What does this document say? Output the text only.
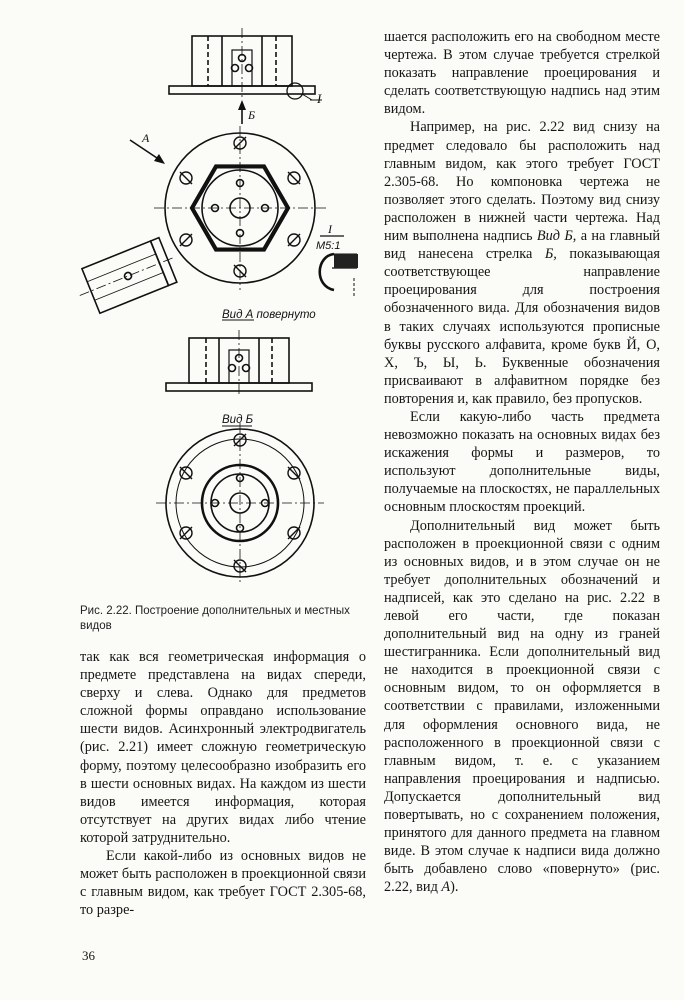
I
Б
A
I
M5:1
Вид А повернуто
Вид Б
Рис. 2.22. Построение дополнительных и местных видов

так как вся геометрическая информация о предмете представлена на видах спереди, сверху и слева. Однако для предметов сложной формы оправдано использование шести видов. Асинхронный электродвигатель (рис. 2.21) имеет сложную геометрическую форму, поэтому целесообразно изобразить его в шести основных видах. На каждом из шести видов имеется информация, которая отсутствует на других видах либо чтение которой затруднительно.

Если какой-либо из основных видов не может быть расположен в проекционной связи с главным видом, как требует ГОСТ 2.305-68, то разре-

шается расположить его на свободном месте чертежа. В этом случае требуется стрелкой показать направление проецирования и сделать соответствующую надпись над этим видом.

Например, на рис. 2.22 вид снизу на предмет следовало бы расположить над главным видом, как этого требует ГОСТ 2.305-68. Но компоновка чертежа не позволяет этого сделать. Поэтому вид снизу расположен в нижней части чертежа. Над ним выполнена надпись Вид Б, а на главный вид нанесена стрелка Б, показывающая соответствующее направление проецирования для построения обозначенного вида. Для обозначения видов в таких случаях используются прописные буквы русского алфавита, кроме букв Й, О, Х, Ъ, Ы, Ь. Буквенные обозначения присваивают в алфавитном порядке без повторения и, как правило, без пропусков.

Если какую-либо часть предмета невозможно показать на основных видах без искажения формы и размеров, то используют дополнительные виды, получаемые на плоскостях, не параллельных основным плоскостям проекций.

Дополнительный вид может быть расположен в проекционной связи с одним из основных видов, и в этом случае он не требует дополнительных обозначений и надписей, как это сделано на рис. 2.22 в левой его части, где показан дополнительный вид на одну из граней шестигранника. Если дополнительный вид не находится в проекционной связи с основным видом, то он оформляется в соответствии с правилами, изложенными для оформления основного вида, не расположенного в проекционной связи с главным видом, т. е. с указанием направления проецирования и надписью. Допускается дополнительный вид повертывать, но с сохранением положения, принятого для данного предмета на главном виде. В этом случае к надписи вида должно быть добавлено слово «повернуто» (рис. 2.22, вид А).

36
